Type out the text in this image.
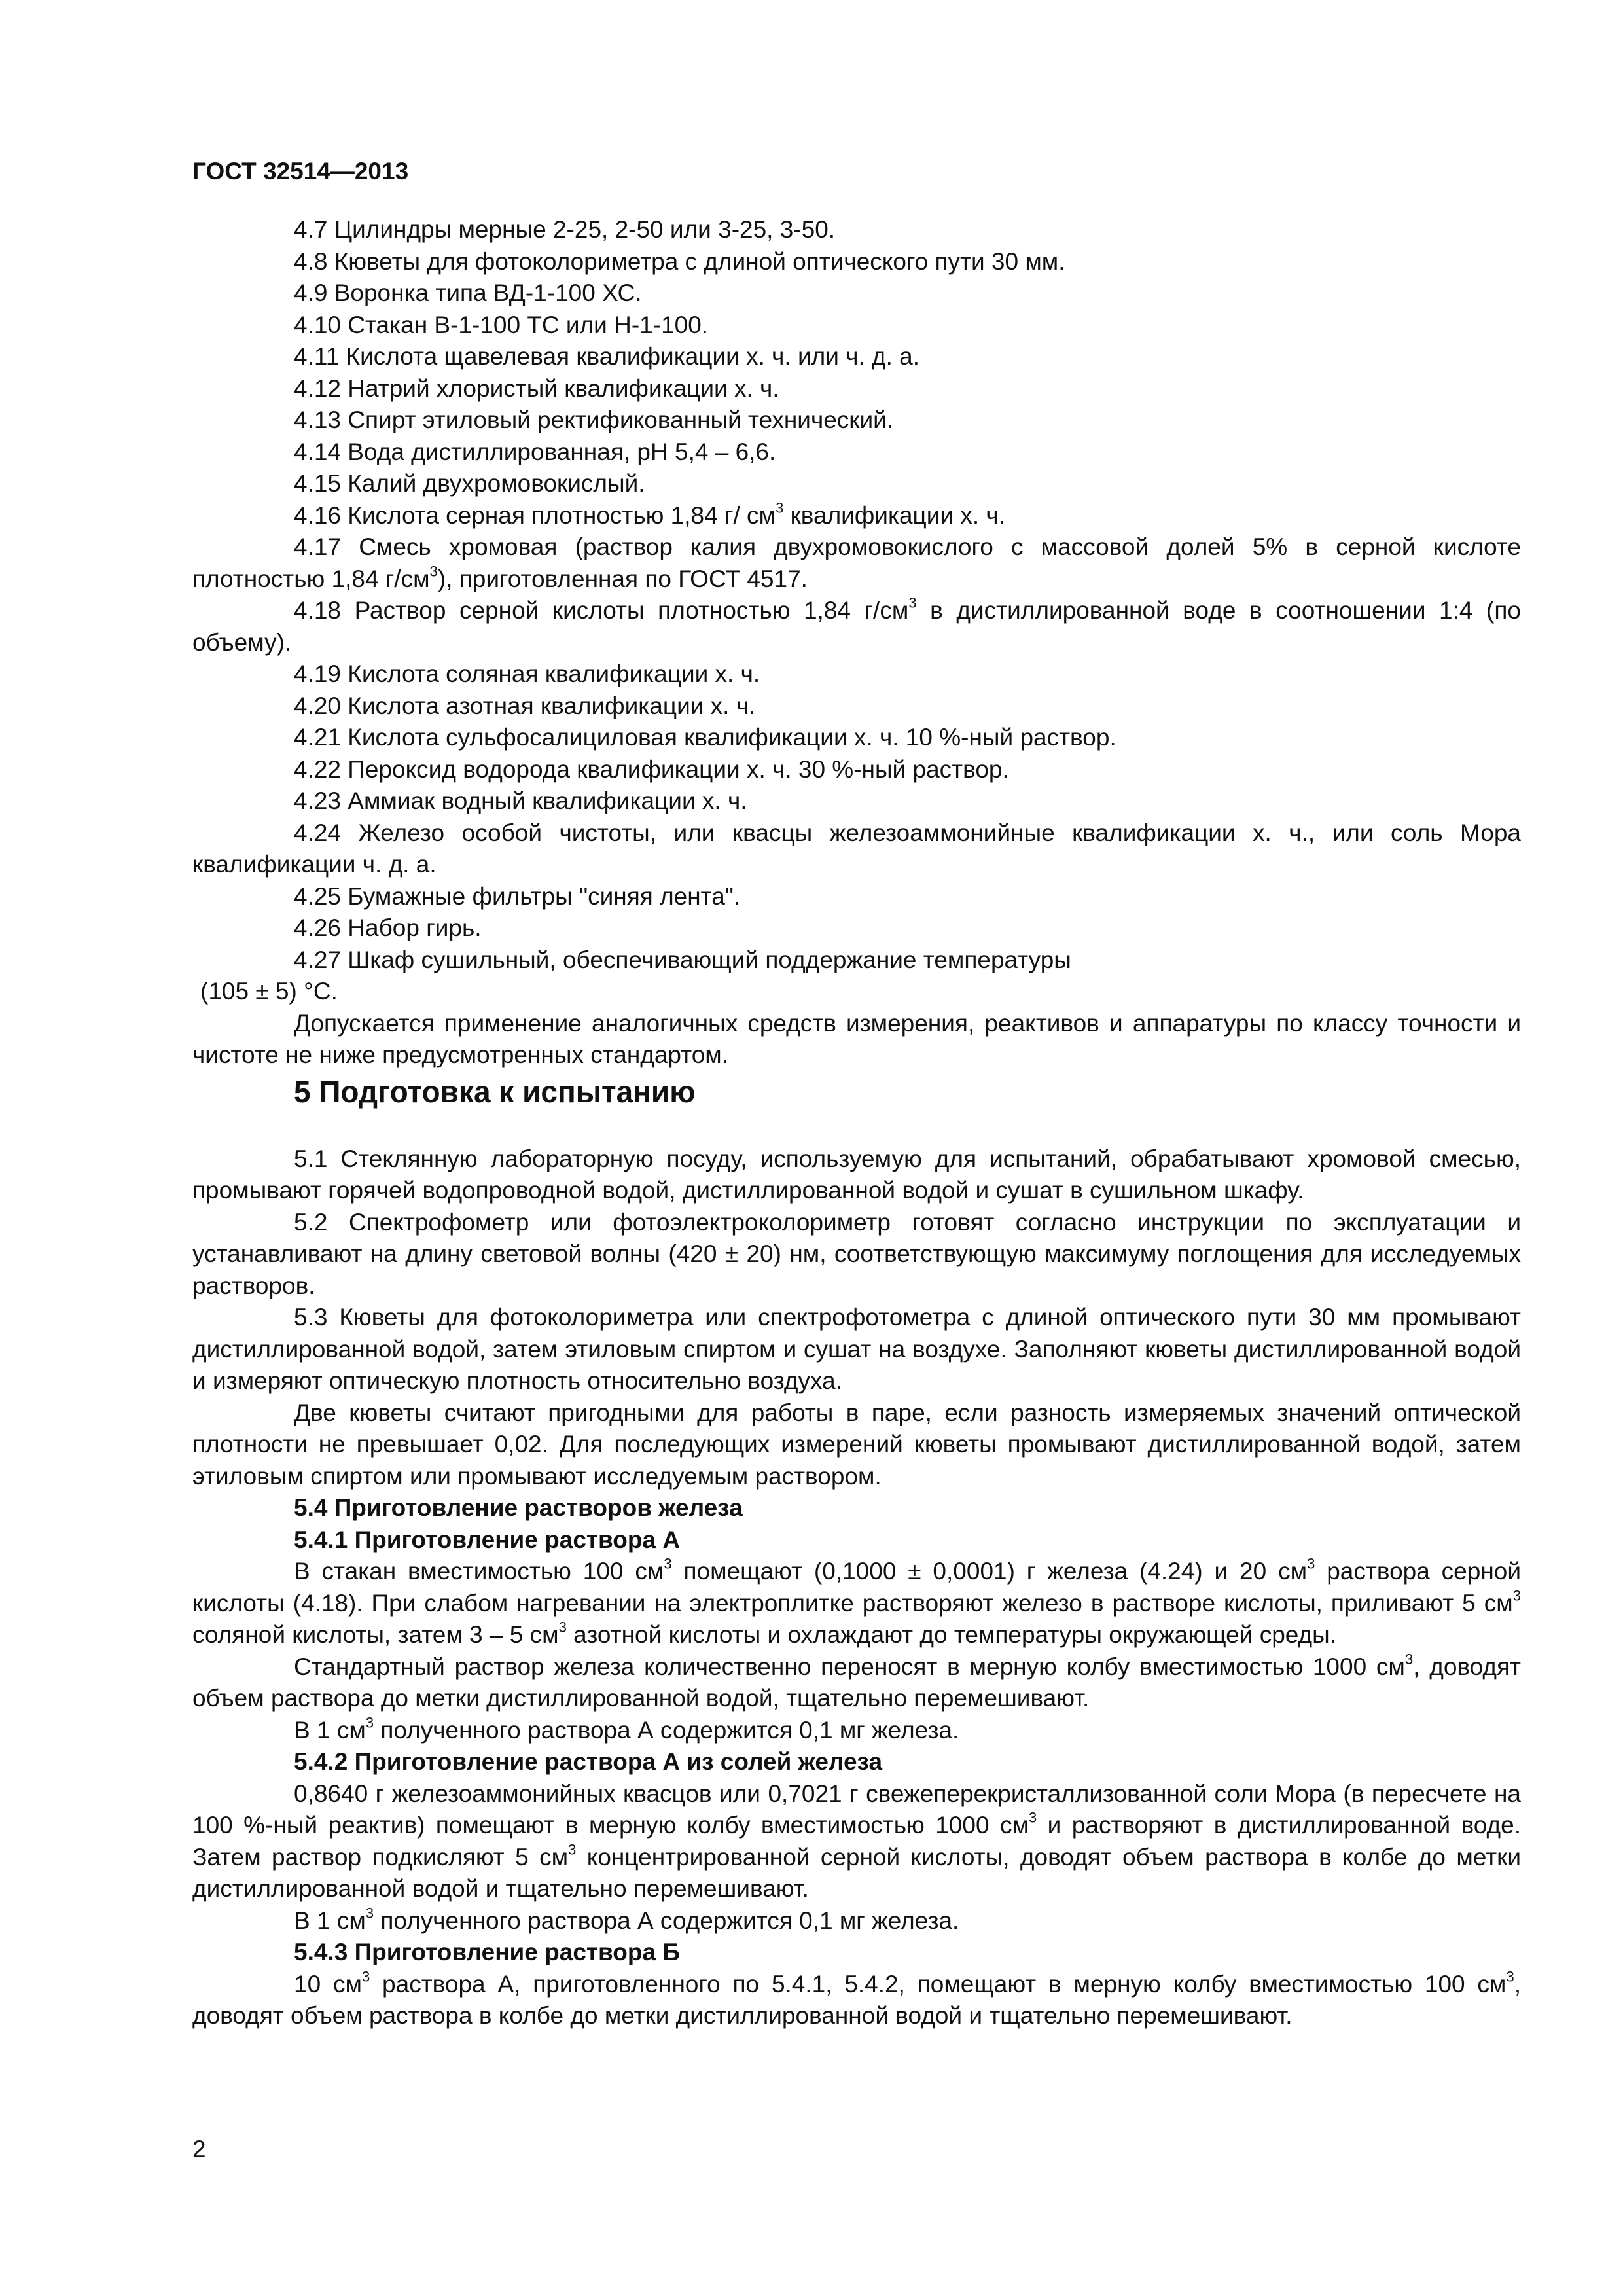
ГОСТ 32514—2013

4.7 Цилиндры мерные 2-25, 2-50 или 3-25, 3-50.

4.8 Кюветы для фотоколориметра с длиной оптического пути 30 мм.

4.9 Воронка типа ВД-1-100 ХС.

4.10 Стакан В-1-100 ТС или Н-1-100.

4.11 Кислота щавелевая квалификации х. ч. или ч. д. а.

4.12 Натрий хлористый квалификации х. ч.

4.13 Спирт этиловый ректификованный технический.

4.14 Вода дистиллированная, pH 5,4 – 6,6.

4.15 Калий двухромовокислый.

4.16 Кислота серная плотностью 1,84 г/ $см^3$ квалификации х. ч.

4.17 Смесь хромовая (раствор калия двухромовокислого с массовой долей 5% в серной кислоте плотностью 1,84 $г/см^3$), приготовленная по ГОСТ 4517.

4.18 Раствор серной кислоты плотностью 1,84 $г/см^3$ в дистиллированной воде в соотношении 1:4 (по объему).

4.19 Кислота соляная квалификации х. ч.

4.20 Кислота азотная квалификации х. ч.

4.21 Кислота сульфосалициловая квалификации х. ч. 10 %-ный раствор.

4.22 Пероксид водорода квалификации х. ч. 30 %-ный раствор.

4.23 Аммиак водный квалификации х. ч.

4.24 Железо особой чистоты, или квасцы железоаммонийные квалификации х. ч., или соль Мора квалификации ч. д. а.

4.25 Бумажные фильтры "синяя лента".

4.26 Набор гирь.

4.27 Шкаф сушильный, обеспечивающий поддержание температуры

(105 ± 5) °С.

Допускается применение аналогичных средств измерения, реактивов и аппаратуры по классу точности и чистоте не ниже предусмотренных стандартом.

5 Подготовка к испытанию

5.1 Стеклянную лабораторную посуду, используемую для испытаний, обрабатывают хромовой смесью, промывают горячей водопроводной водой, дистиллированной водой и сушат в сушильном шкафу.

5.2 Спектрофометр или фотоэлектроколориметр готовят согласно инструкции по эксплуатации и устанавливают на длину световой волны (420 ± 20) нм, соответствующую максимуму поглощения для исследуемых растворов.

5.3 Кюветы для фотоколориметра или спектрофотометра с длиной оптического пути 30 мм промывают дистиллированной водой, затем этиловым спиртом и сушат на воздухе. Заполняют кюветы дистиллированной водой и измеряют оптическую плотность относительно воздуха.

Две кюветы считают пригодными для работы в паре, если разность измеряемых значений оптической плотности не превышает 0,02. Для последующих измерений кюветы промывают дистиллированной водой, затем этиловым спиртом или промывают исследуемым раствором.

5.4 Приготовление растворов железа

5.4.1 Приготовление раствора А

В стакан вместимостью 100 $см^3$ помещают (0,1000 ± 0,0001) г железа (4.24) и 20 $см^3$ раствора серной кислоты (4.18). При слабом нагревании на электроплитке растворяют железо в растворе кислоты, приливают 5 $см^3$ соляной кислоты, затем 3 – 5 $см^3$ азотной кислоты и охлаждают до температуры окружающей среды.

Стандартный раствор железа количественно переносят в мерную колбу вместимостью 1000 $см^3$, доводят объем раствора до метки дистиллированной водой, тщательно перемешивают.

В 1 $см^3$ полученного раствора А содержится 0,1 мг железа.

5.4.2 Приготовление раствора А из солей железа

0,8640 г железоаммонийных квасцов или 0,7021 г свежеперекристаллизованной соли Мора (в пересчете на 100 %-ный реактив) помещают в мерную колбу вместимостью 1000 $см^3$ и растворяют в дистиллированной воде. Затем раствор подкисляют 5 $см^3$ концентрированной серной кислоты, доводят объем раствора в колбе до метки дистиллированной водой и тщательно перемешивают.

В 1 $см^3$ полученного раствора А содержится 0,1 мг железа.

5.4.3 Приготовление раствора Б

10 $см^3$ раствора А, приготовленного по 5.4.1, 5.4.2, помещают в мерную колбу вместимостью 100 $см^3$, доводят объем раствора в колбе до метки дистиллированной водой и тщательно перемешивают.

2
